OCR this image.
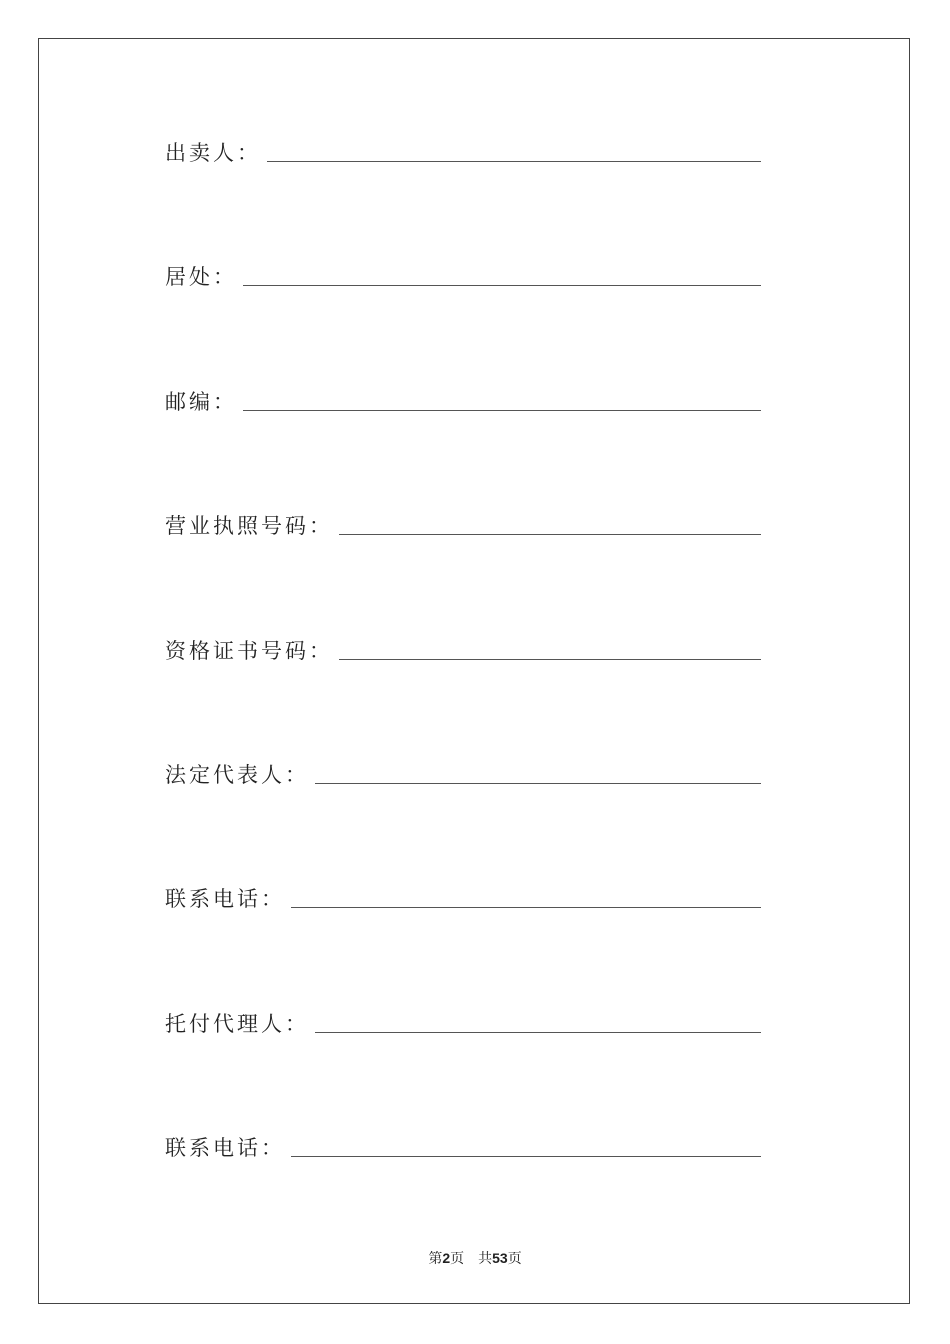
出卖人：
居处：
邮编：
营业执照号码：
资格证书号码：
法定代表人：
联系电话：
托付代理人：
联系电话：
第2页 共53页
